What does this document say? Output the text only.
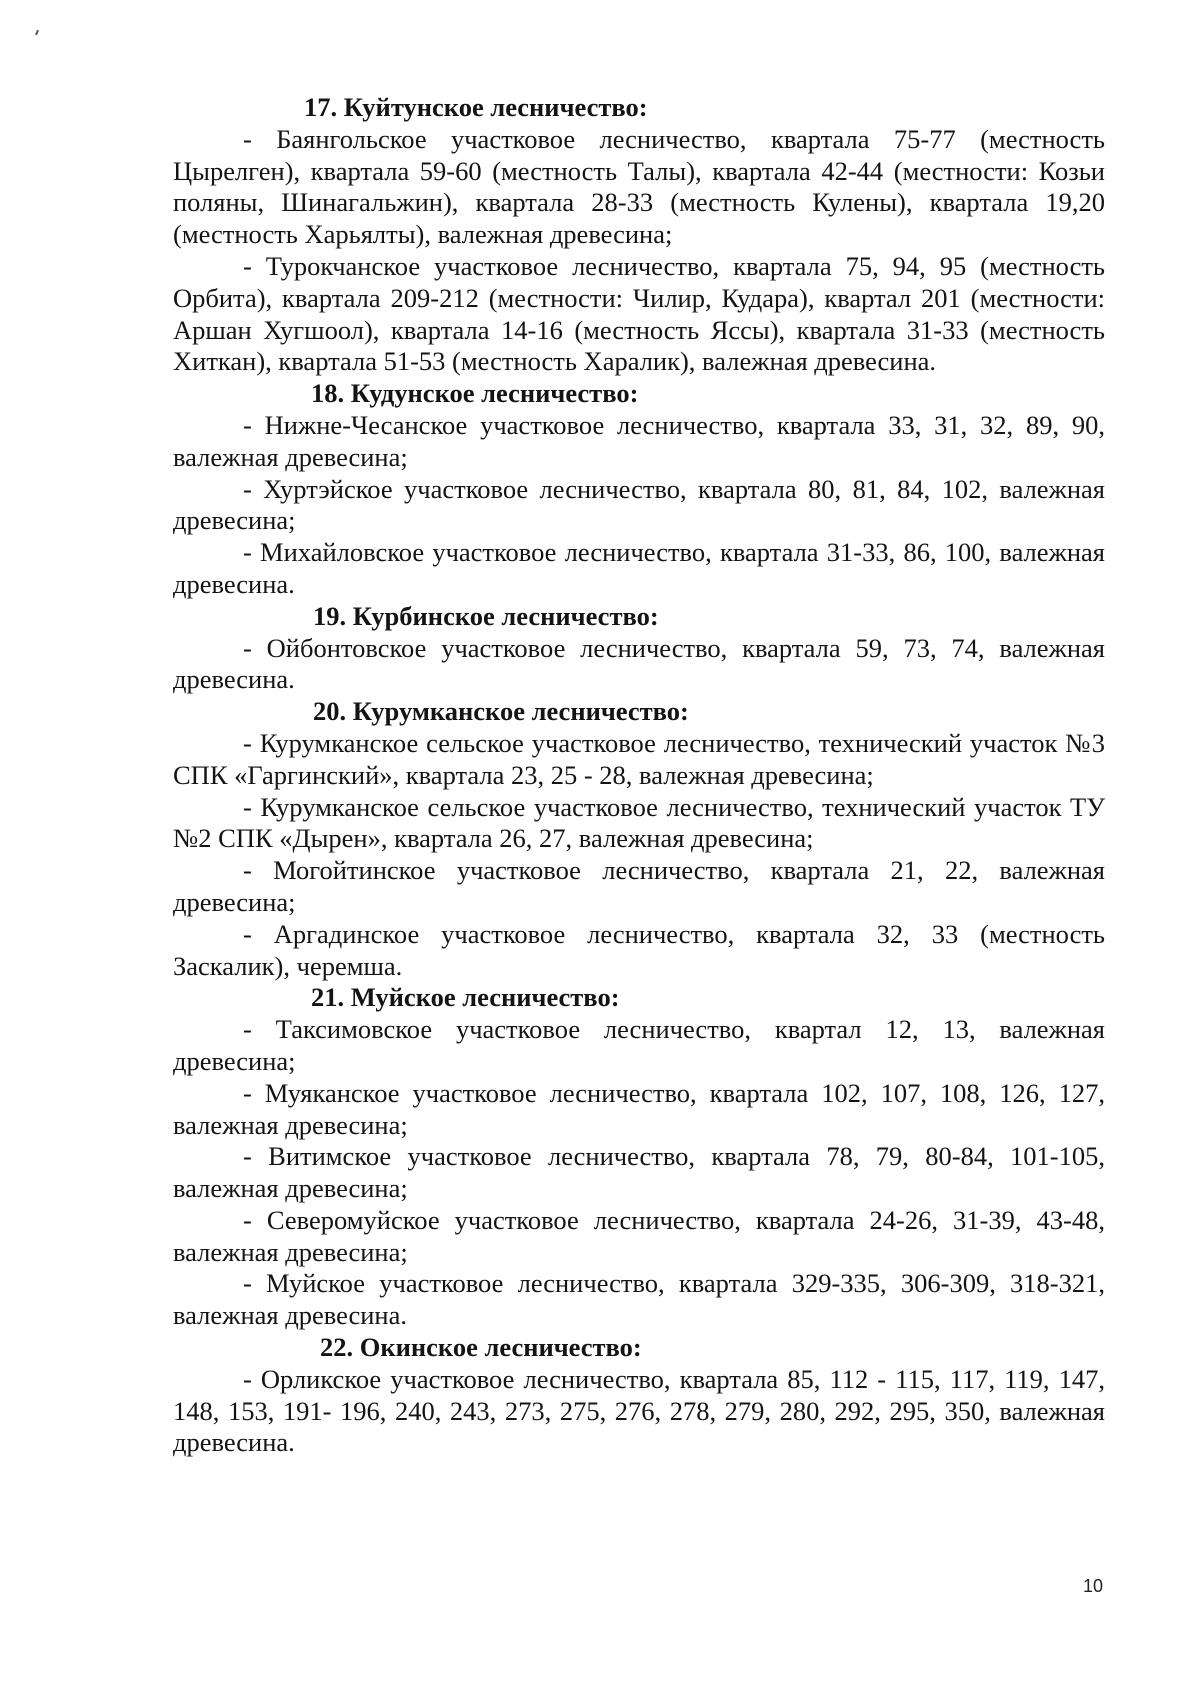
17. Куйтунское лесничество:

- Баянгольское участковое лесничество, квартала 75-77 (местность Цырелген), квартала 59-60 (местность Талы), квартала 42-44 (местности: Козьи поляны, Шинагальжин), квартала 28-33 (местность Кулены), квартала 19,20 (местность Харьялты), валежная древесина;

- Турокчанское участковое лесничество, квартала 75, 94, 95 (местность Орбита), квартала 209-212 (местности: Чилир, Кудара), квартал 201 (местности: Аршан Хугшоол), квартала 14-16 (местность Яссы), квартала 31-33 (местность Хиткан), квартала 51-53 (местность Харалик), валежная древесина.

18. Кудунское лесничество:

- Нижне-Чесанское участковое лесничество, квартала 33, 31, 32, 89, 90, валежная древесина;

- Хуртэйское участковое лесничество, квартала 80, 81, 84, 102, валежная древесина;

- Михайловское участковое лесничество, квартала 31-33, 86, 100, валежная древесина.

19. Курбинское лесничество:

- Ойбонтовское участковое лесничество, квартала 59, 73, 74, валежная древесина.

20. Курумканское лесничество:

- Курумканское сельское участковое лесничество, технический участок №3 СПК «Гаргинский», квартала 23, 25 - 28, валежная древесина;

- Курумканское сельское участковое лесничество, технический участок ТУ №2 СПК «Дырен», квартала 26, 27, валежная древесина;

- Могойтинское участковое лесничество, квартала 21, 22, валежная древесина;

- Аргадинское участковое лесничество, квартала 32, 33 (местность Заскалик), черемша.

21. Муйское лесничество:

- Таксимовское участковое лесничество, квартал 12, 13, валежная древесина;

- Муяканское участковое лесничество, квартала 102, 107, 108, 126, 127, валежная древесина;

- Витимское участковое лесничество, квартала 78, 79, 80-84, 101-105, валежная древесина;

- Северомуйское участковое лесничество, квартала 24-26, 31-39, 43-48, валежная древесина;

- Муйское участковое лесничество, квартала 329-335, 306-309, 318-321, валежная древесина.

22. Окинское лесничество:

- Орликское участковое лесничество, квартала 85, 112 - 115, 117, 119, 147, 148, 153, 191- 196, 240, 243, 273, 275, 276, 278, 279, 280, 292, 295, 350, валежная древесина.

10
